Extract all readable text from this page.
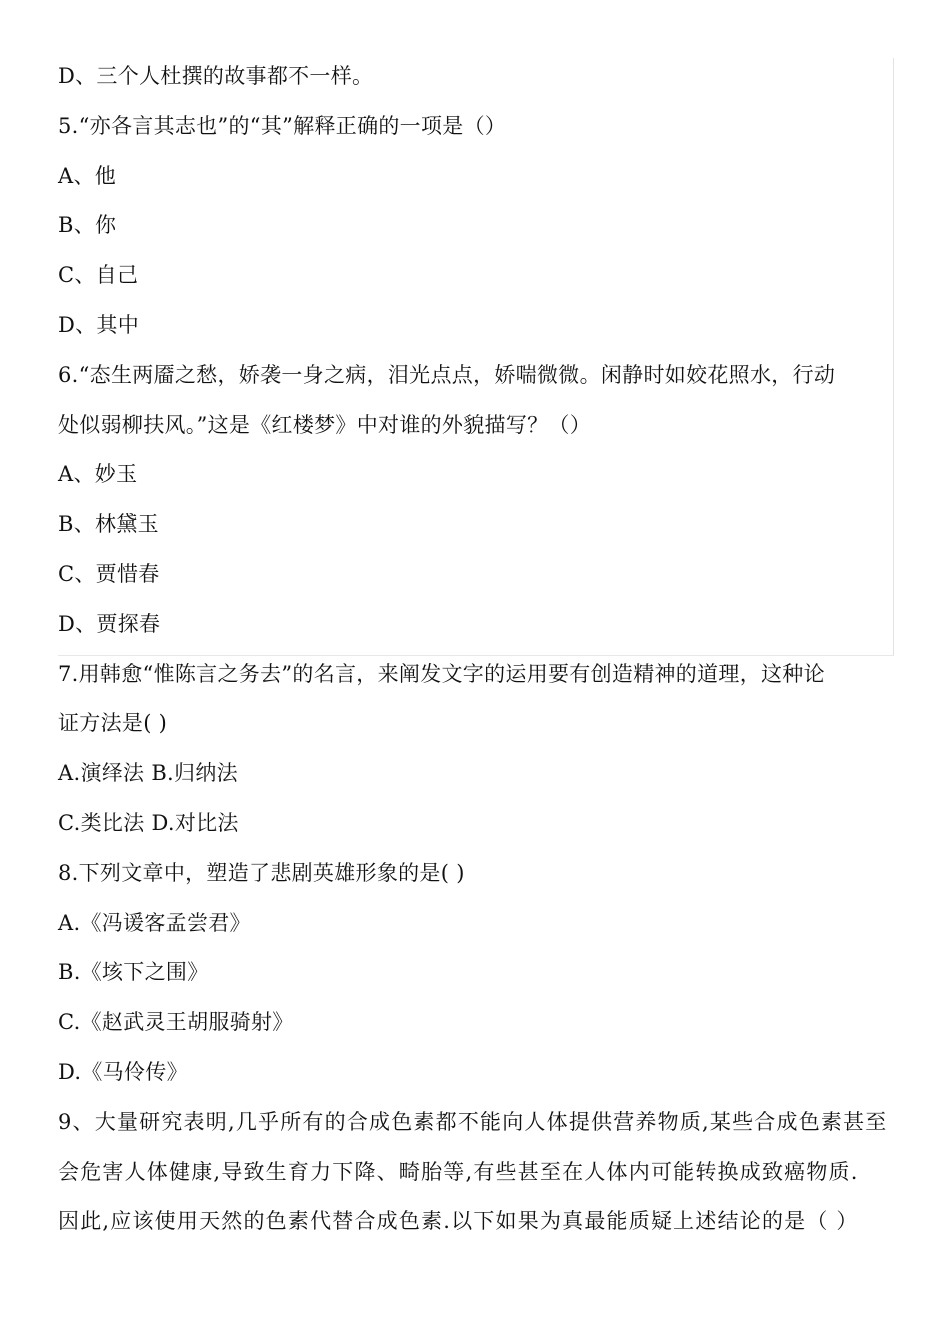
D、三个人杜撰的故事都不一样。
5.“亦各言其志也”的“其”解释正确的一项是（）
A、他
B、你
C、自己
D、其中
6.“态生两靥之愁，娇袭一身之病，泪光点点，娇喘微微。闲静时如姣花照水，行动
处似弱柳扶风。”这是《红楼梦》中对谁的外貌描写？（）
A、妙玉
B、林黛玉
C、贾惜春
D、贾探春
7.用韩愈“惟陈言之务去”的名言，来阐发文字的运用要有创造精神的道理，这种论
证方法是( )
A.演绎法 B.归纳法
C.类比法 D.对比法
8.下列文章中，塑造了悲剧英雄形象的是( )
A.《冯谖客孟尝君》
B.《垓下之围》
C.《赵武灵王胡服骑射》
D.《马伶传》
9、大量研究表明,几乎所有的合成色素都不能向人体提供营养物质,某些合成色素甚至
会危害人体健康,导致生育力下降、畸胎等,有些甚至在人体内可能转换成致癌物质.
因此,应该使用天然的色素代替合成色素.以下如果为真最能质疑上述结论的是（ ）
